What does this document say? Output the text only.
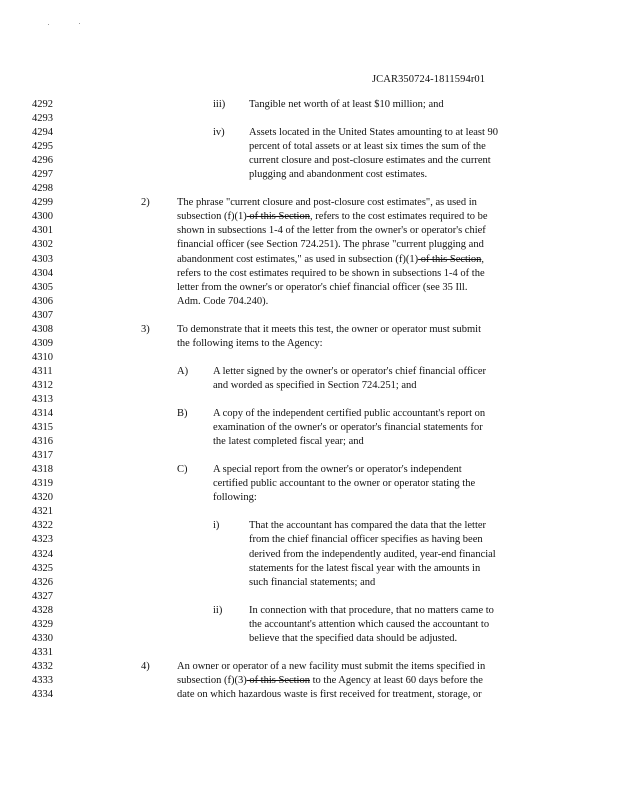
JCAR350724-1811594r01
4292
4293
4294
4295
4296
4297
4298
4299
4300
4301
4302
4303
4304
4305
4306
4307
4308
4309
4310
4311
4312
4313
4314
4315
4316
4317
4318
4319
4320
4321
4322
4323
4324
4325
4326
4327
4328
4329
4330
4331
4332
4333
4334
iii) Tangible net worth of at least $10 million; and
iv) Assets located in the United States amounting to at least 90
percent of total assets or at least six times the sum of the
current closure and post-closure estimates and the current
plugging and abandonment cost estimates.
2)	The phrase "current closure and post-closure cost estimates", as used in
subsection (f)(1) of this Section, refers to the cost estimates required to be
shown in subsections 1-4 of the letter from the owner's or operator's chief
financial officer (see Section 724.251). The phrase "current plugging and
abandonment cost estimates," as used in subsection (f)(1) of this Section,
refers to the cost estimates required to be shown in subsections 1-4 of the
letter from the owner's or operator's chief financial officer (see 35 Ill.
Adm. Code 704.240).
3)	To demonstrate that it meets this test, the owner or operator must submit
the following items to the Agency:
A) A letter signed by the owner's or operator's chief financial officer
and worded as specified in Section 724.251; and
B) A copy of the independent certified public accountant's report on
examination of the owner's or operator's financial statements for
the latest completed fiscal year; and
C) A special report from the owner's or operator's independent
certified public accountant to the owner or operator stating the
following:
i)	That the accountant has compared the data that the letter
from the chief financial officer specifies as having been
derived from the independently audited, year-end financial
statements for the latest fiscal year with the amounts in
such financial statements; and
ii)	In connection with that procedure, that no matters came to
the accountant's attention which caused the accountant to
believe that the specified data should be adjusted.
4)	An owner or operator of a new facility must submit the items specified in
subsection (f)(3) of this Section to the Agency at least 60 days before the
date on which hazardous waste is first received for treatment, storage, or
